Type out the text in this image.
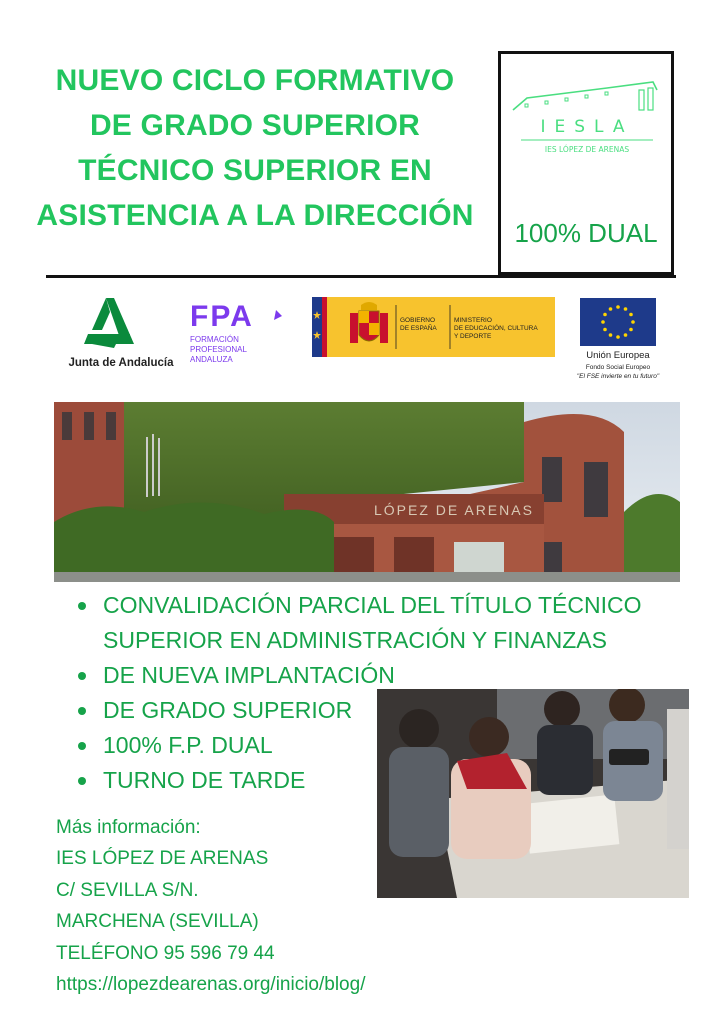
NUEVO CICLO FORMATIVO
DE GRADO SUPERIOR
TÉCNICO SUPERIOR EN
ASISTENCIA A LA DIRECCIÓN
IESLA
IES LÓPEZ DE ARENAS
100% DUAL
Junta de Andalucía
FPA
FORMACIÓN
PROFESIONAL
ANDALUZA
GOBIERNO
DE ESPAÑA
MINISTERIO
DE EDUCACIÓN, CULTURA
Y DEPORTE
Unión Europea
Fondo Social Europeo
"El FSE invierte en tu futuro"
LÓPEZ DE ARENAS
CONVALIDACIÓN PARCIAL DEL TÍTULO TÉCNICO
SUPERIOR EN ADMINISTRACIÓN Y FINANZAS
DE NUEVA IMPLANTACIÓN
DE GRADO SUPERIOR
100% F.P. DUAL
TURNO DE TARDE
Más información:
IES LÓPEZ DE ARENAS
C/ SEVILLA S/N.
MARCHENA (SEVILLA)
TELÉFONO 95 596 79 44
https://lopezdearenas.org/inicio/blog/
